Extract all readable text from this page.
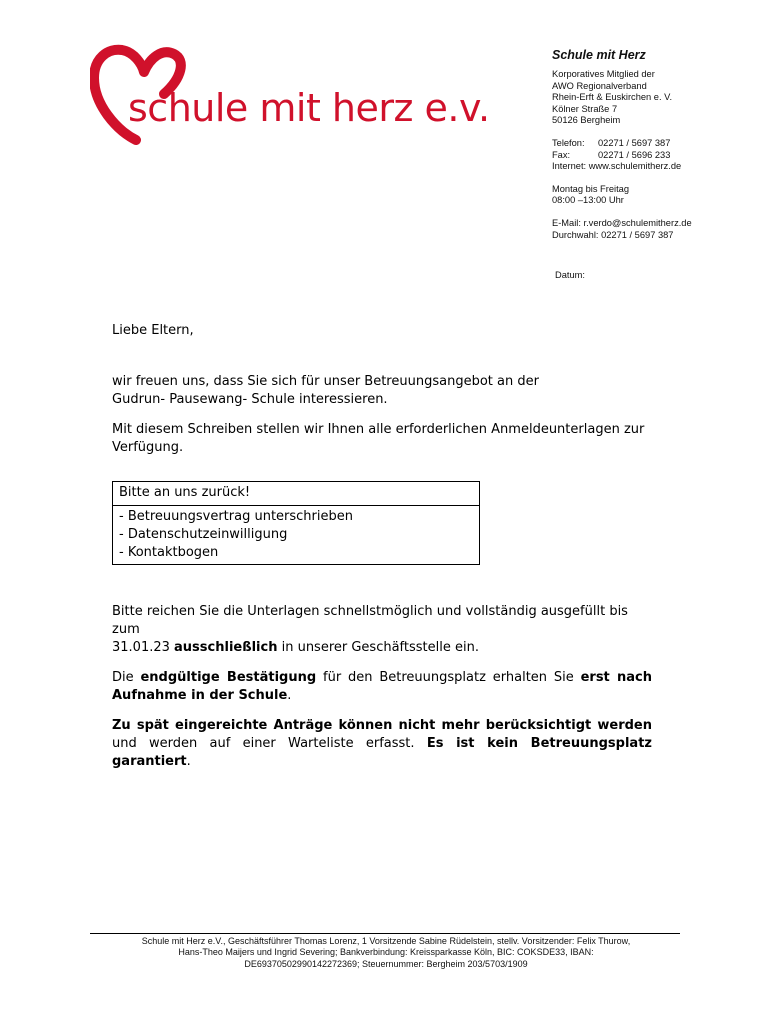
schule mit herz e.v.
Schule mit Herz
Korporatives Mitglied der
AWO Regionalverband
Rhein-Erft & Euskirchen e. V.
Kölner Straße 7
50126 Bergheim
Telefon: 02271 / 5697 387
Fax:	02271 / 5696 233
Internet: www.schulemitherz.de
Montag bis Freitag
08:00 –13:00 Uhr
E-Mail: r.verdo@schulemitherz.de
Durchwahl: 02271 / 5697 387
Datum:

Liebe Eltern,

wir freuen uns, dass Sie sich für unser Betreuungsangebot an der
Gudrun- Pausewang- Schule interessieren.

Mit diesem Schreiben stellen wir Ihnen alle erforderlichen Anmeldeunterlagen zur
Verfügung.

Bitte an uns zurück!
- Betreuungsvertrag unterschrieben
- Datenschutzeinwilligung
- Kontaktbogen

Bitte reichen Sie die Unterlagen schnellstmöglich und vollständig ausgefüllt bis zum
31.01.23 ausschließlich in unserer Geschäftsstelle ein.

Die endgültige Bestätigung für den Betreuungsplatz erhalten Sie erst nach Aufnahme in der Schule.

Zu spät eingereichte Anträge können nicht mehr berücksichtigt werden und werden auf einer Warteliste erfasst. Es ist kein Betreuungsplatz garantiert.

Schule mit Herz e.V., Geschäftsführer Thomas Lorenz, 1 Vorsitzende Sabine Rüdelstein, stellv. Vorsitzender: Felix Thurow,
Hans-Theo Maijers und Ingrid Severing; Bankverbindung: Kreissparkasse Köln, BIC: COKSDE33, IBAN:
DE69370502990142272369; Steuernummer: Bergheim 203/5703/1909
